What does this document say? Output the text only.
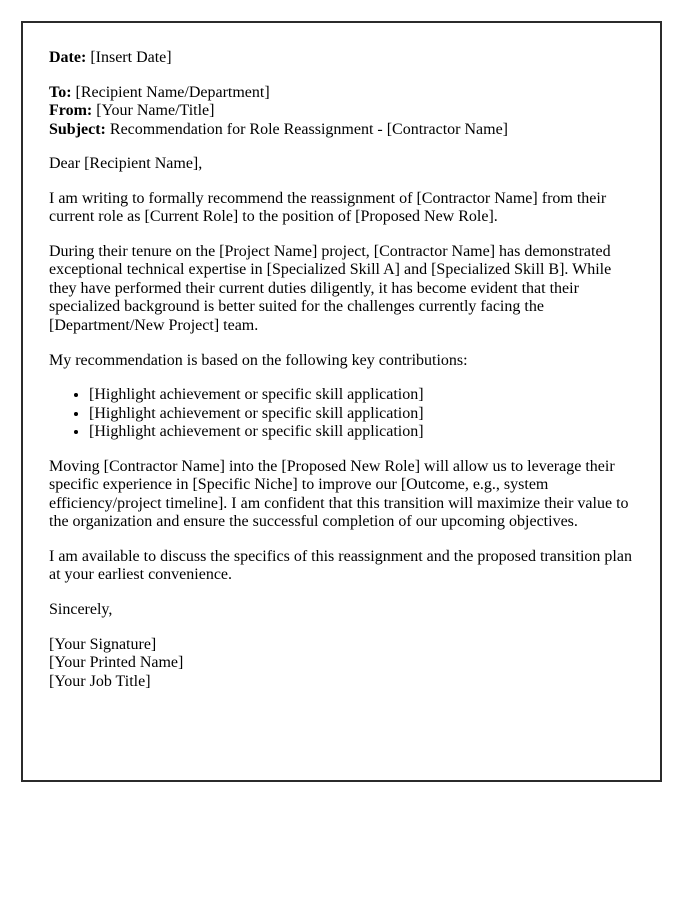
Date: [Insert Date]

To: [Recipient Name/Department]
From: [Your Name/Title]
Subject: Recommendation for Role Reassignment - [Contractor Name]

Dear [Recipient Name],

I am writing to formally recommend the reassignment of [Contractor Name] from their current role as [Current Role] to the position of [Proposed New Role].

During their tenure on the [Project Name] project, [Contractor Name] has demonstrated exceptional technical expertise in [Specialized Skill A] and [Specialized Skill B]. While they have performed their current duties diligently, it has become evident that their specialized background is better suited for the challenges currently facing the [Department/New Project] team.

My recommendation is based on the following key contributions:

• [Highlight achievement or specific skill application]
• [Highlight achievement or specific skill application]
• [Highlight achievement or specific skill application]

Moving [Contractor Name] into the [Proposed New Role] will allow us to leverage their specific experience in [Specific Niche] to improve our [Outcome, e.g., system efficiency/project timeline]. I am confident that this transition will maximize their value to the organization and ensure the successful completion of our upcoming objectives.

I am available to discuss the specifics of this reassignment and the proposed transition plan at your earliest convenience.

Sincerely,

[Your Signature]
[Your Printed Name]
[Your Job Title]
